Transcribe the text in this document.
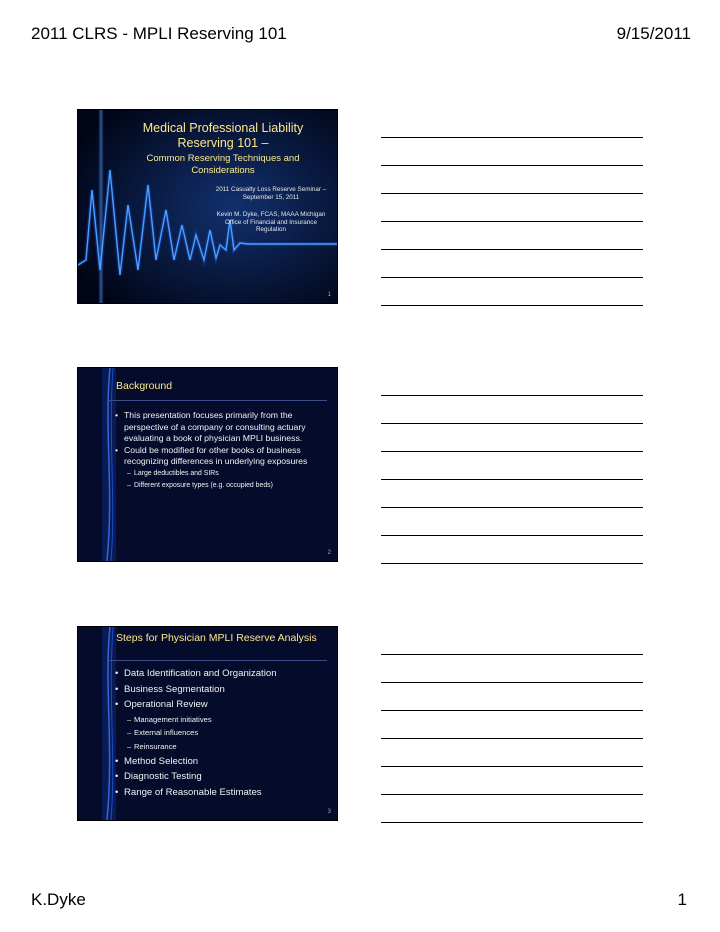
2011 CLRS - MPLI Reserving 101	9/15/2011
Medical Professional Liability Reserving 101 –
Common Reserving Techniques and Considerations
2011 Casualty Loss Reserve Seminar – September 15, 2011
Kevin M. Dyke, FCAS, MAAA Michigan Office of Financial and Insurance Regulation
1
Background
• This presentation focuses primarily from the perspective of a company or consulting actuary evaluating a book of physician MPLI business.
• Could be modified for other books of business recognizing differences in underlying exposures
– Large deductibles and SIRs
– Different exposure types (e.g. occupied beds)
2
Steps for Physician MPLI Reserve Analysis
• Data Identification and Organization
• Business Segmentation
• Operational Review
– Management initiatives
– External influences
– Reinsurance
• Method Selection
• Diagnostic Testing
• Range of Reasonable Estimates
3
K.Dyke	1
